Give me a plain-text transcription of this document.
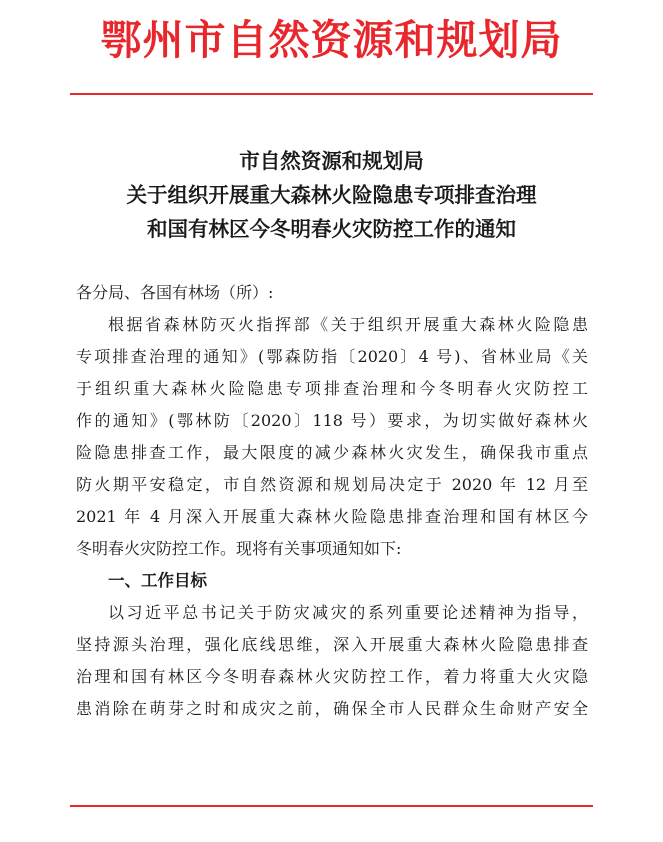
鄂州市自然资源和规划局
市自然资源和规划局
关于组织开展重大森林火险隐患专项排查治理
和国有林区今冬明春火灾防控工作的通知
各分局、各国有林场（所）:
根据省森林防灭火指挥部《关于组织开展重大森林火险隐患
专项排查治理的通知》(鄂森防指〔2020〕4 号)、省林业局《关
于组织重大森林火险隐患专项排查治理和今冬明春火灾防控工
作的通知》(鄂林防〔2020〕118 号）要求，为切实做好森林火
险隐患排查工作，最大限度的减少森林火灾发生，确保我市重点
防火期平安稳定，市自然资源和规划局决定于 2020 年 12 月至
2021 年 4 月深入开展重大森林火险隐患排查治理和国有林区今
冬明春火灾防控工作。现将有关事项通知如下:
一、工作目标
以习近平总书记关于防灾减灾的系列重要论述精神为指导，
坚持源头治理，强化底线思维，深入开展重大森林火险隐患排查
治理和国有林区今冬明春森林火灾防控工作，着力将重大火灾隐
患消除在萌芽之时和成灾之前，确保全市人民群众生命财产安全
